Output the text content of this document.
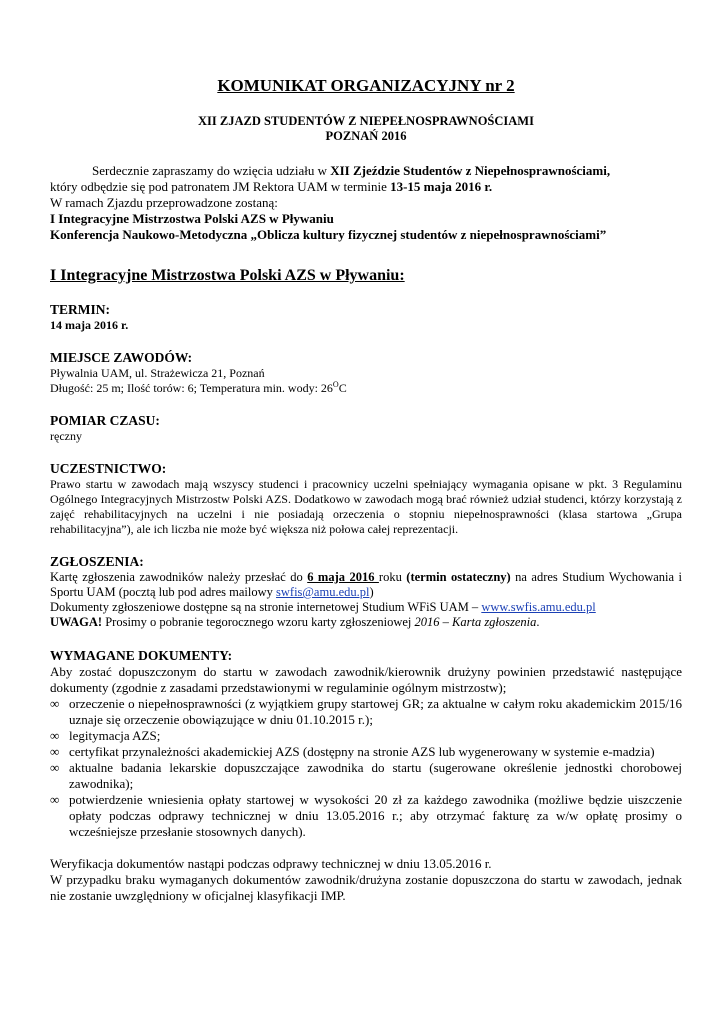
KOMUNIKAT ORGANIZACYJNY nr 2

XII ZJAZD STUDENTÓW Z NIEPEŁNOSPRAWNOŚCIAMI

POZNAŃ 2016

Serdecznie zapraszamy do wzięcia udziału w XII Zjeździe Studentów z Niepełnosprawnościami,

który odbędzie się pod patronatem JM Rektora UAM w terminie 13-15 maja 2016 r.

W ramach Zjazdu przeprowadzone zostaną:

I Integracyjne Mistrzostwa Polski AZS w Pływaniu

Konferencja Naukowo-Metodyczna „Oblicza kultury fizycznej studentów z niepełnosprawnościami”

I Integracyjne Mistrzostwa Polski AZS w Pływaniu:

TERMIN:

14 maja 2016 r.

MIEJSCE ZAWODÓW:

Pływalnia UAM, ul. Strażewicza 21, Poznań

Długość: 25 m; Ilość torów: 6; Temperatura min. wody: $26^OC$

POMIAR CZASU:

ręczny

UCZESTNICTWO:

Prawo startu w zawodach mają wszyscy studenci i pracownicy uczelni spełniający wymagania opisane w pkt. 3 Regulaminu Ogólnego Integracyjnych Mistrzostw Polski AZS. Dodatkowo w zawodach mogą brać również udział studenci, którzy korzystają z zajęć rehabilitacyjnych na uczelni i nie posiadają orzeczenia o stopniu niepełnosprawności (klasa startowa „Grupa rehabilitacyjna”), ale ich liczba nie może być większa niż połowa całej reprezentacji.

ZGŁOSZENIA:

Kartę zgłoszenia zawodników należy przesłać do 6 maja 2016 roku (termin ostateczny) na adres Studium Wychowania i Sportu UAM (pocztą lub pod adres mailowy swfis@amu.edu.pl)

Dokumenty zgłoszeniowe dostępne są na stronie internetowej Studium WFiS UAM – www.swfis.amu.edu.pl

UWAGA! Prosimy o pobranie tegorocznego wzoru karty zgłoszeniowej 2016 – Karta zgłoszenia.

WYMAGANE DOKUMENTY:

Aby zostać dopuszczonym do startu w zawodach zawodnik/kierownik drużyny powinien przedstawić następujące dokumenty (zgodnie z zasadami przedstawionymi w regulaminie ogólnym mistrzostw);

∞ orzeczenie o niepełnosprawności (z wyjątkiem grupy startowej GR; za aktualne w całym roku akademickim 2015/16 uznaje się orzeczenie obowiązujące w dniu 01.10.2015 r.);
∞ legitymacja AZS;
∞ certyfikat przynależności akademickiej AZS (dostępny na stronie AZS lub wygenerowany w systemie e-madzia)
∞ aktualne badania lekarskie dopuszczające zawodnika do startu (sugerowane określenie jednostki chorobowej zawodnika);
∞ potwierdzenie wniesienia opłaty startowej w wysokości 20 zł za każdego zawodnika (możliwe będzie uiszczenie opłaty podczas odprawy technicznej w dniu 13.05.2016 r.; aby otrzymać fakturę za w/w opłatę prosimy o wcześniejsze przesłanie stosownych danych).

Weryfikacja dokumentów nastąpi podczas odprawy technicznej w dniu 13.05.2016 r.

W przypadku braku wymaganych dokumentów zawodnik/drużyna zostanie dopuszczona do startu w zawodach, jednak nie zostanie uwzględniony w oficjalnej klasyfikacji IMP.
